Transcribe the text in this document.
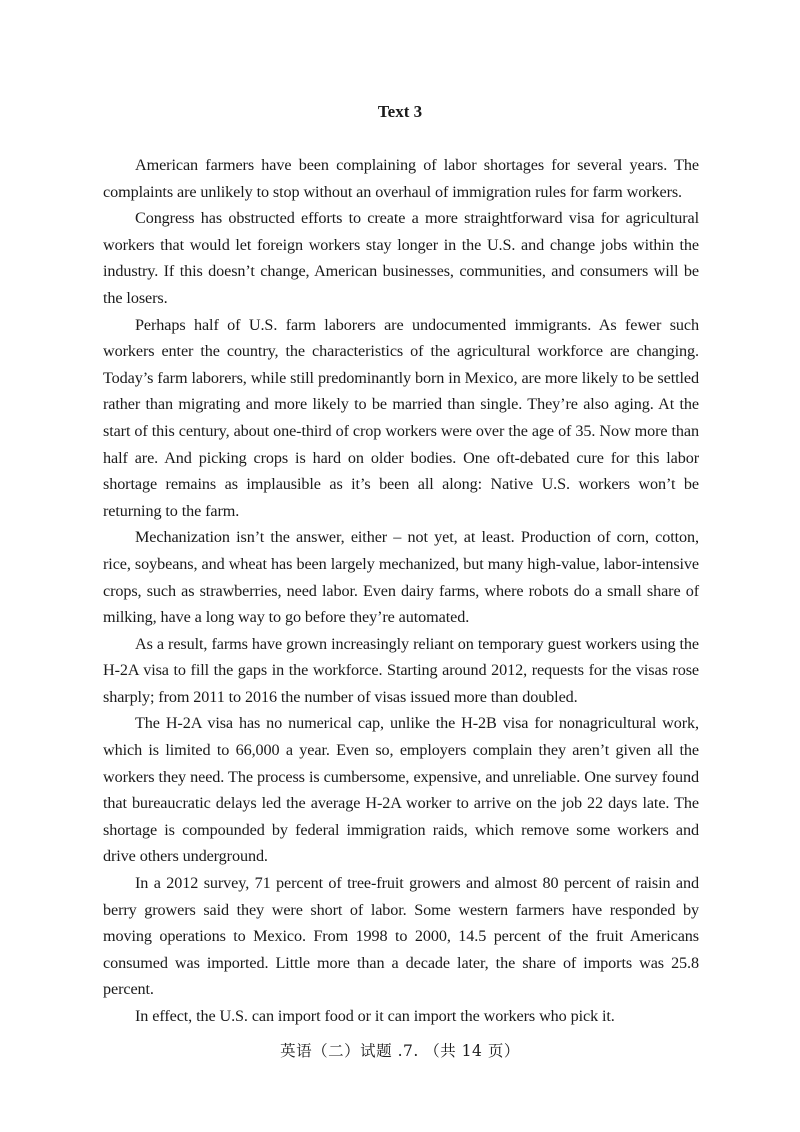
Text 3

American farmers have been complaining of labor shortages for several years. The complaints are unlikely to stop without an overhaul of immigration rules for farm workers.

Congress has obstructed efforts to create a more straightforward visa for agricultural workers that would let foreign workers stay longer in the U.S. and change jobs within the industry. If this doesn’t change, American businesses, communities, and consumers will be the losers.

Perhaps half of U.S. farm laborers are undocumented immigrants. As fewer such workers enter the country, the characteristics of the agricultural workforce are changing. Today’s farm laborers, while still predominantly born in Mexico, are more likely to be settled rather than migrating and more likely to be married than single. They’re also aging. At the start of this century, about one-third of crop workers were over the age of 35. Now more than half are. And picking crops is hard on older bodies. One oft-debated cure for this labor shortage remains as implausible as it’s been all along: Native U.S. workers won’t be returning to the farm.

Mechanization isn’t the answer, either – not yet, at least. Production of corn, cotton, rice, soybeans, and wheat has been largely mechanized, but many high-value, labor-intensive crops, such as strawberries, need labor. Even dairy farms, where robots do a small share of milking, have a long way to go before they’re automated.

As a result, farms have grown increasingly reliant on temporary guest workers using the H-2A visa to fill the gaps in the workforce. Starting around 2012, requests for the visas rose sharply; from 2011 to 2016 the number of visas issued more than doubled.

The H-2A visa has no numerical cap, unlike the H-2B visa for nonagricultural work, which is limited to 66,000 a year. Even so, employers complain they aren’t given all the workers they need. The process is cumbersome, expensive, and unreliable. One survey found that bureaucratic delays led the average H-2A worker to arrive on the job 22 days late. The shortage is compounded by federal immigration raids, which remove some workers and drive others underground.

In a 2012 survey, 71 percent of tree-fruit growers and almost 80 percent of raisin and berry growers said they were short of labor. Some western farmers have responded by moving operations to Mexico. From 1998 to 2000, 14.5 percent of the fruit Americans consumed was imported. Little more than a decade later, the share of imports was 25.8 percent.

In effect, the U.S. can import food or it can import the workers who pick it.

英语（二）试题 .7. （共 14 页）
